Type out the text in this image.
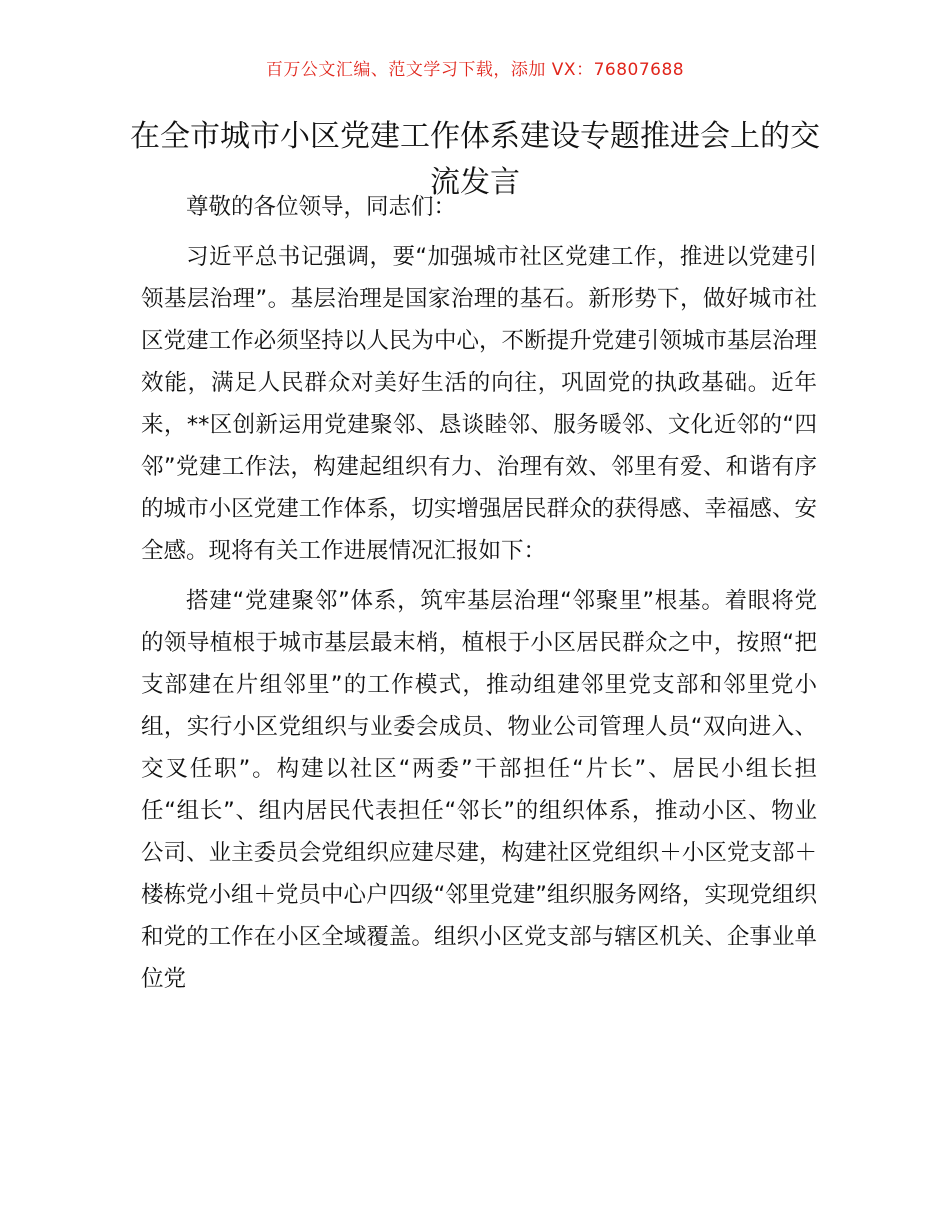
百万公文汇编、范文学习下载，添加 VX：76807688
在全市城市小区党建工作体系建设专题推进会上的交流发言

尊敬的各位领导，同志们：

习近平总书记强调，要“加强城市社区党建工作，推进以党建引领基层治理”。基层治理是国家治理的基石。新形势下，做好城市社区党建工作必须坚持以人民为中心，不断提升党建引领城市基层治理效能，满足人民群众对美好生活的向往，巩固党的执政基础。近年来，**区创新运用党建聚邻、恳谈睦邻、服务暖邻、文化近邻的“四邻”党建工作法，构建起组织有力、治理有效、邻里有爱、和谐有序的城市小区党建工作体系，切实增强居民群众的获得感、幸福感、安全感。现将有关工作进展情况汇报如下：

搭建“党建聚邻”体系，筑牢基层治理“邻聚里”根基。着眼将党的领导植根于城市基层最末梢，植根于小区居民群众之中，按照“把支部建在片组邻里”的工作模式，推动组建邻里党支部和邻里党小组，实行小区党组织与业委会成员、物业公司管理人员“双向进入、交叉任职”。构建以社区“两委”干部担任“片长”、居民小组长担任“组长”、组内居民代表担任“邻长”的组织体系，推动小区、物业公司、业主委员会党组织应建尽建，构建社区党组织＋小区党支部＋楼栋党小组＋党员中心户四级“邻里党建”组织服务网络，实现党组织和党的工作在小区全域覆盖。组织小区党支部与辖区机关、企事业单位党
